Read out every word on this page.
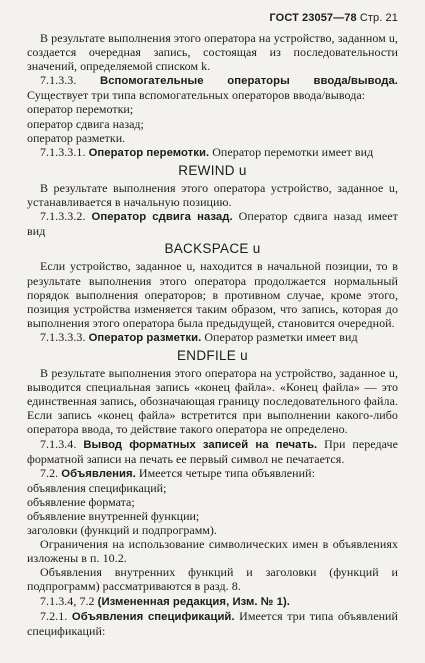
ГОСТ 23057—78 Стр. 21

В результате выполнения этого оператора на устройство, заданном u, создается очередная запись, состоящая из последовательности значений, определяемой списком k.

7.1.3.3. Вспомогательные операторы ввода/вывода. Существует три типа вспомогательных операторов ввода/вывода:

оператор перемотки;

оператор сдвига назад;

оператор разметки.

7.1.3.3.1. Оператор перемотки. Оператор перемотки имеет вид

REWIND u

В результате выполнения этого оператора устройство, заданное u, устанавливается в начальную позицию.

7.1.3.3.2. Оператор сдвига назад. Оператор сдвига назад имеет вид

BACKSPACE u

Если устройство, заданное u, находится в начальной позиции, то в результате выполнения этого оператора продолжается нормальный порядок выполнения операторов; в противном случае, кроме этого, позиция устройства изменяется таким образом, что запись, которая до выполнения этого оператора была предыдущей, становится очередной.

7.1.3.3.3. Оператор разметки. Оператор разметки имеет вид

ENDFILE u

В результате выполнения этого оператора на устройство, заданное u, выводится специальная запись «конец файла». «Конец файла» — это единственная запись, обозначающая границу последовательного файла. Если запись «конец файла» встретится при выполнении какого-либо оператора ввода, то действие такого оператора не определено.

7.1.3.4. Вывод форматных записей на печать. При передаче форматной записи на печать ее первый символ не печатается.

7.2. Объявления. Имеется четыре типа объявлений:

объявления спецификаций;

объявление формата;

объявление внутренней функции;

заголовки (функций и подпрограмм).

Ограничения на использование символических имен в объявлениях изложены в п. 10.2.

Объявления внутренних функций и заголовки (функций и подпрограмм) рассматриваются в разд. 8.

7.1.3.4, 7.2 (Измененная редакция, Изм. № 1).

7.2.1. Объявления спецификаций. Имеется три типа объявлений спецификаций:
